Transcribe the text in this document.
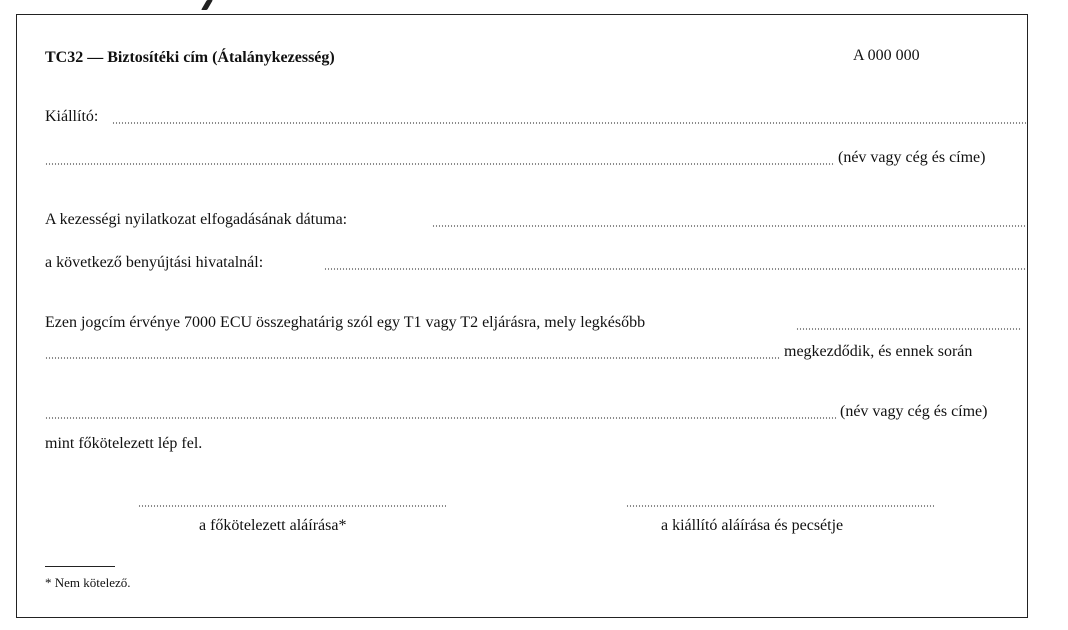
TC32 — Biztosítéki cím (Átalánykezesség)	A 000 000
Kiállító:
(név vagy cég és címe)
A kezességi nyilatkozat elfogadásának dátuma:
a következő benyújtási hivatalnál:
Ezen jogcím érvénye 7000 ECU összeghatárig szól egy T1 vagy T2 eljárásra, mely legkésőbb
megkezdődik, és ennek során
(név vagy cég és címe)
mint főkötelezett lép fel.
a főkötelezett aláírása*	a kiállító aláírása és pecsétje
* Nem kötelező.
